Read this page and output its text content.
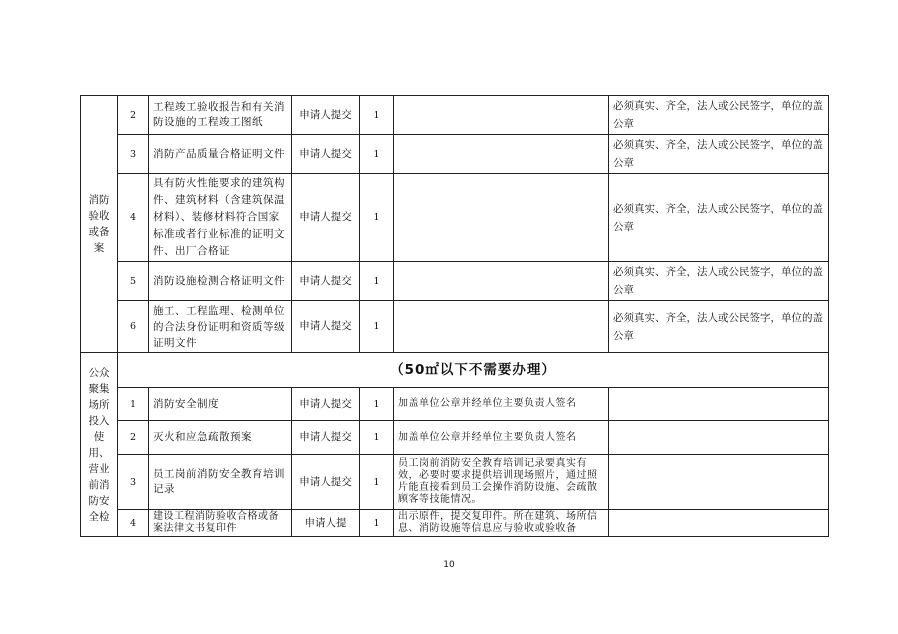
消防验收或备案	2	工程竣工验收报告和有关消防设施的工程竣工图纸	申请人提交	1		必须真实、齐全，法人或公民签字，单位的盖公章
	3	消防产品质量合格证明文件	申请人提交	1		必须真实、齐全，法人或公民签字，单位的盖公章
	4	具有防火性能要求的建筑构件、建筑材料（含建筑保温材料）、装修材料符合国家标准或者行业标准的证明文件、出厂合格证	申请人提交	1		必须真实、齐全，法人或公民签字，单位的盖公章
	5	消防设施检测合格证明文件	申请人提交	1		必须真实、齐全，法人或公民签字，单位的盖公章
	6	施工、工程监理、检测单位的合法身份证明和资质等级证明文件	申请人提交	1		必须真实、齐全，法人或公民签字，单位的盖公章
公众聚集场所投入使用、营业前消防安全检	（50㎡以下不需要办理）					
	1	消防安全制度	申请人提交	1	加盖单位公章并经单位主要负责人签名	
	2	灭火和应急疏散预案	申请人提交	1	加盖单位公章并经单位主要负责人签名	
	3	员工岗前消防安全教育培训记录	申请人提交	1	员工岗前消防安全教育培训记录要真实有效，必要时要求提供培训现场照片，通过照片能直接看到员工会操作消防设施、会疏散顾客等技能情况。	
	4	建设工程消防验收合格或备案法律文书复印件	申请人提	1	出示原件，提交复印件。所在建筑、场所信息、消防设施等信息应与验收或验收备	
10
